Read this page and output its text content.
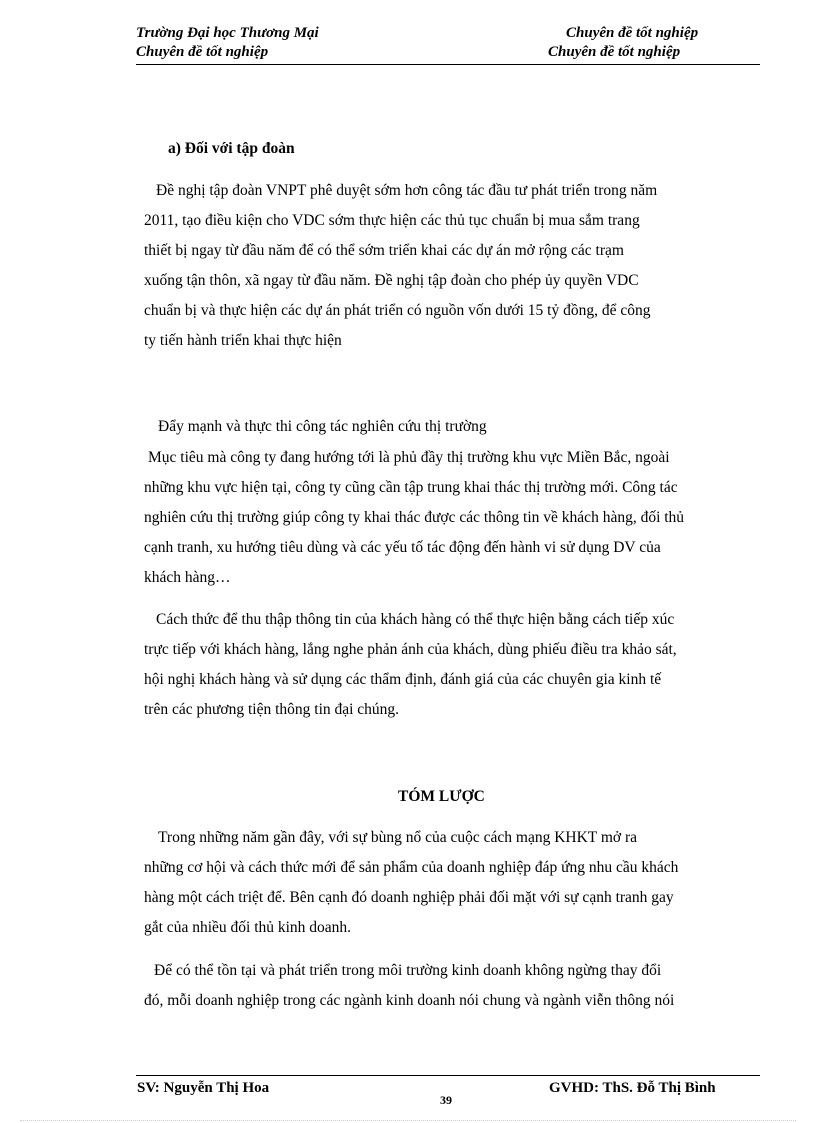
Trường Đại học Thương Mại	Chuyên đề tốt nghiệp
Chuyên đề tốt nghiệp	Chuyên đề tốt nghiệp
a) Đối với tập đoàn
Đề nghị tập đoàn VNPT phê duyệt sớm hơn công tác đầu tư phát triển trong năm
2011, tạo điều kiện cho VDC sớm thực hiện các thủ tục chuẩn bị mua sắm trang
thiết bị ngay từ đầu năm để có thể sớm triển khai các dự án mở rộng các trạm
xuống tận thôn, xã ngay từ đầu năm. Đề nghị tập đoàn cho phép ủy quyền VDC
chuẩn bị và thực hiện các dự án phát triển có nguồn vốn dưới 15 tỷ đồng, để công
ty tiến hành triển khai thực hiện
Đẩy mạnh và thực thi công tác nghiên cứu thị trường
Mục tiêu mà công ty đang hướng tới là phủ đầy thị trường khu vực Miền Bắc, ngoài
những khu vực hiện tại, công ty cũng cần tập trung khai thác thị trường mới. Công tác
nghiên cứu thị trường giúp công ty khai thác được các thông tin về khách hàng, đối thủ
cạnh tranh, xu hướng tiêu dùng và các yếu tố tác động đến hành vi sử dụng DV của
khách hàng…
Cách thức để thu thập thông tin của khách hàng có thể thực hiện bằng cách tiếp xúc
trực tiếp với khách hàng, lắng nghe phản ánh của khách, dùng phiếu điều tra khảo sát,
hội nghị khách hàng và sử dụng các thẩm định, đánh giá của các chuyên gia kinh tế
trên các phương tiện thông tin đại chúng.
TÓM LƯỢC
Trong những năm gần đây, với sự bùng nổ của cuộc cách mạng KHKT mở ra
những cơ hội và cách thức mới để sản phẩm của doanh nghiệp đáp ứng nhu cầu khách
hàng một cách triệt để. Bên cạnh đó doanh nghiệp phải đối mặt với sự cạnh tranh gay
gắt của nhiều đối thủ kinh doanh.
Để có thể tồn tại và phát triển trong môi trường kinh doanh không ngừng thay đổi
đó, mỗi doanh nghiệp trong các ngành kinh doanh nói chung và ngành viễn thông nói
SV: Nguyễn Thị Hoa
39
GVHD: ThS. Đỗ Thị Bình
